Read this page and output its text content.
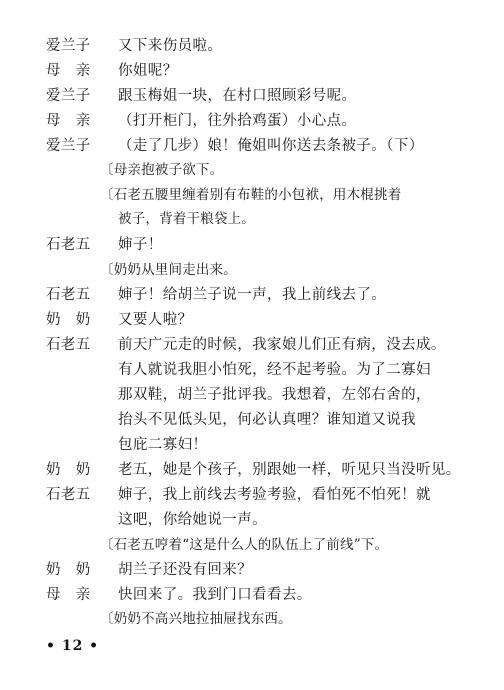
爱兰子 又下来伤员啦。
母　亲 你姐呢？
爱兰子 跟玉梅姐一块，在村口照顾彩号呢。
母　亲 （打开柜门，往外拾鸡蛋）小心点。
爱兰子 （走了几步）娘！俺姐叫你送去条被子。（下）
〔母亲抱被子欲下。
〔石老五腰里缠着别有布鞋的小包袱，用木棍挑着
被子，背着干粮袋上。
石老五 婶子！
〔奶奶从里间走出来。
石老五 婶子！给胡兰子说一声，我上前线去了。
奶　奶 又要人啦？
石老五 前天广元走的时候，我家娘儿们正有病，没去成。
有人就说我胆小怕死，经不起考验。为了二寡妇
那双鞋，胡兰子批评我。我想着，左邻右舍的，
抬头不见低头见，何必认真哩？谁知道又说我
包庇二寡妇！
奶　奶 老五，她是个孩子，别跟她一样，听见只当没听见。
石老五 婶子，我上前线去考验考验，看怕死不怕死！就
这吧，你给她说一声。
〔石老五哼着“这是什么人的队伍上了前线”下。
奶　奶 胡兰子还没有回来？
母　亲 快回来了。我到门口看看去。
〔奶奶不高兴地拉抽屉找东西。
• 12 •
